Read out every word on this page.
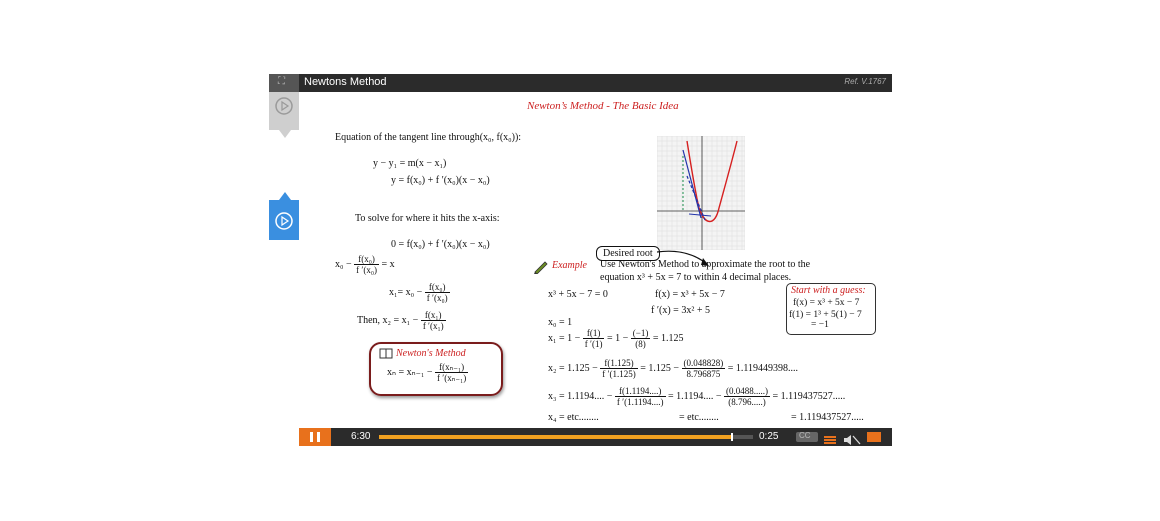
⛶ Newtons Method	Ref. V.1767
Newton’s Method - The Basic Idea
Equation of the tangent line through(x₀, f(x₀)):
y − y₁ = m(x − x₁)
y = f(x₀) + f ′(x₀)(x − x₀)
To solve for where it hits the x-axis:
0 = f(x₀) + f ′(x₀)(x − x₀)
$x_0 - \frac{\text{f(x₀)}}{\text{f ′(x₀)}} = x$
$x_1= x_0 - \frac{\text{f(x₀)}}{\text{f ′(x₀)}}$
Then, $x_2 = x_1 - \frac{\text{f(x₁)}}{\text{f ′(x₁)}}$
Newton's Method
$x_n = x_{n-1} - \frac{\text{f(xₙ₋₁)}}{\text{f ′(xₙ₋₁)}}$
Desired root
Example Use Newton's Method to approximate the root to the
equation x³ + 5x = 7 to within 4 decimal places.
x³ + 5x − 7 = 0	f(x) = x³ + 5x − 7
f ′(x) = 3x² + 5
Start with a guess:
f(x) = x³ + 5x − 7
f(1) = 1³ + 5(1) − 7
= −1
x₀ = 1
$x_1 = 1 - \frac{f(1)}{f '(1)} = 1 - \frac{(-1)}{(8)} = 1.125$
$x_2 = 1.125 - \frac{f(1.125)}{f '(1.125)} = 1.125 - \frac{(0.048828)}{8.796875} = 1.119449398$....
x₃ = 1.1194.... − $\frac{f(1.1194....)}{f '(1.1194....)} = 1.1194$.... − $\frac{(0.0488.....)}{(8.796.....)} = 1.119437527$.....
x₄ = etc........	= etc........	= 1.119437527.....
6:30	0:25	CC
